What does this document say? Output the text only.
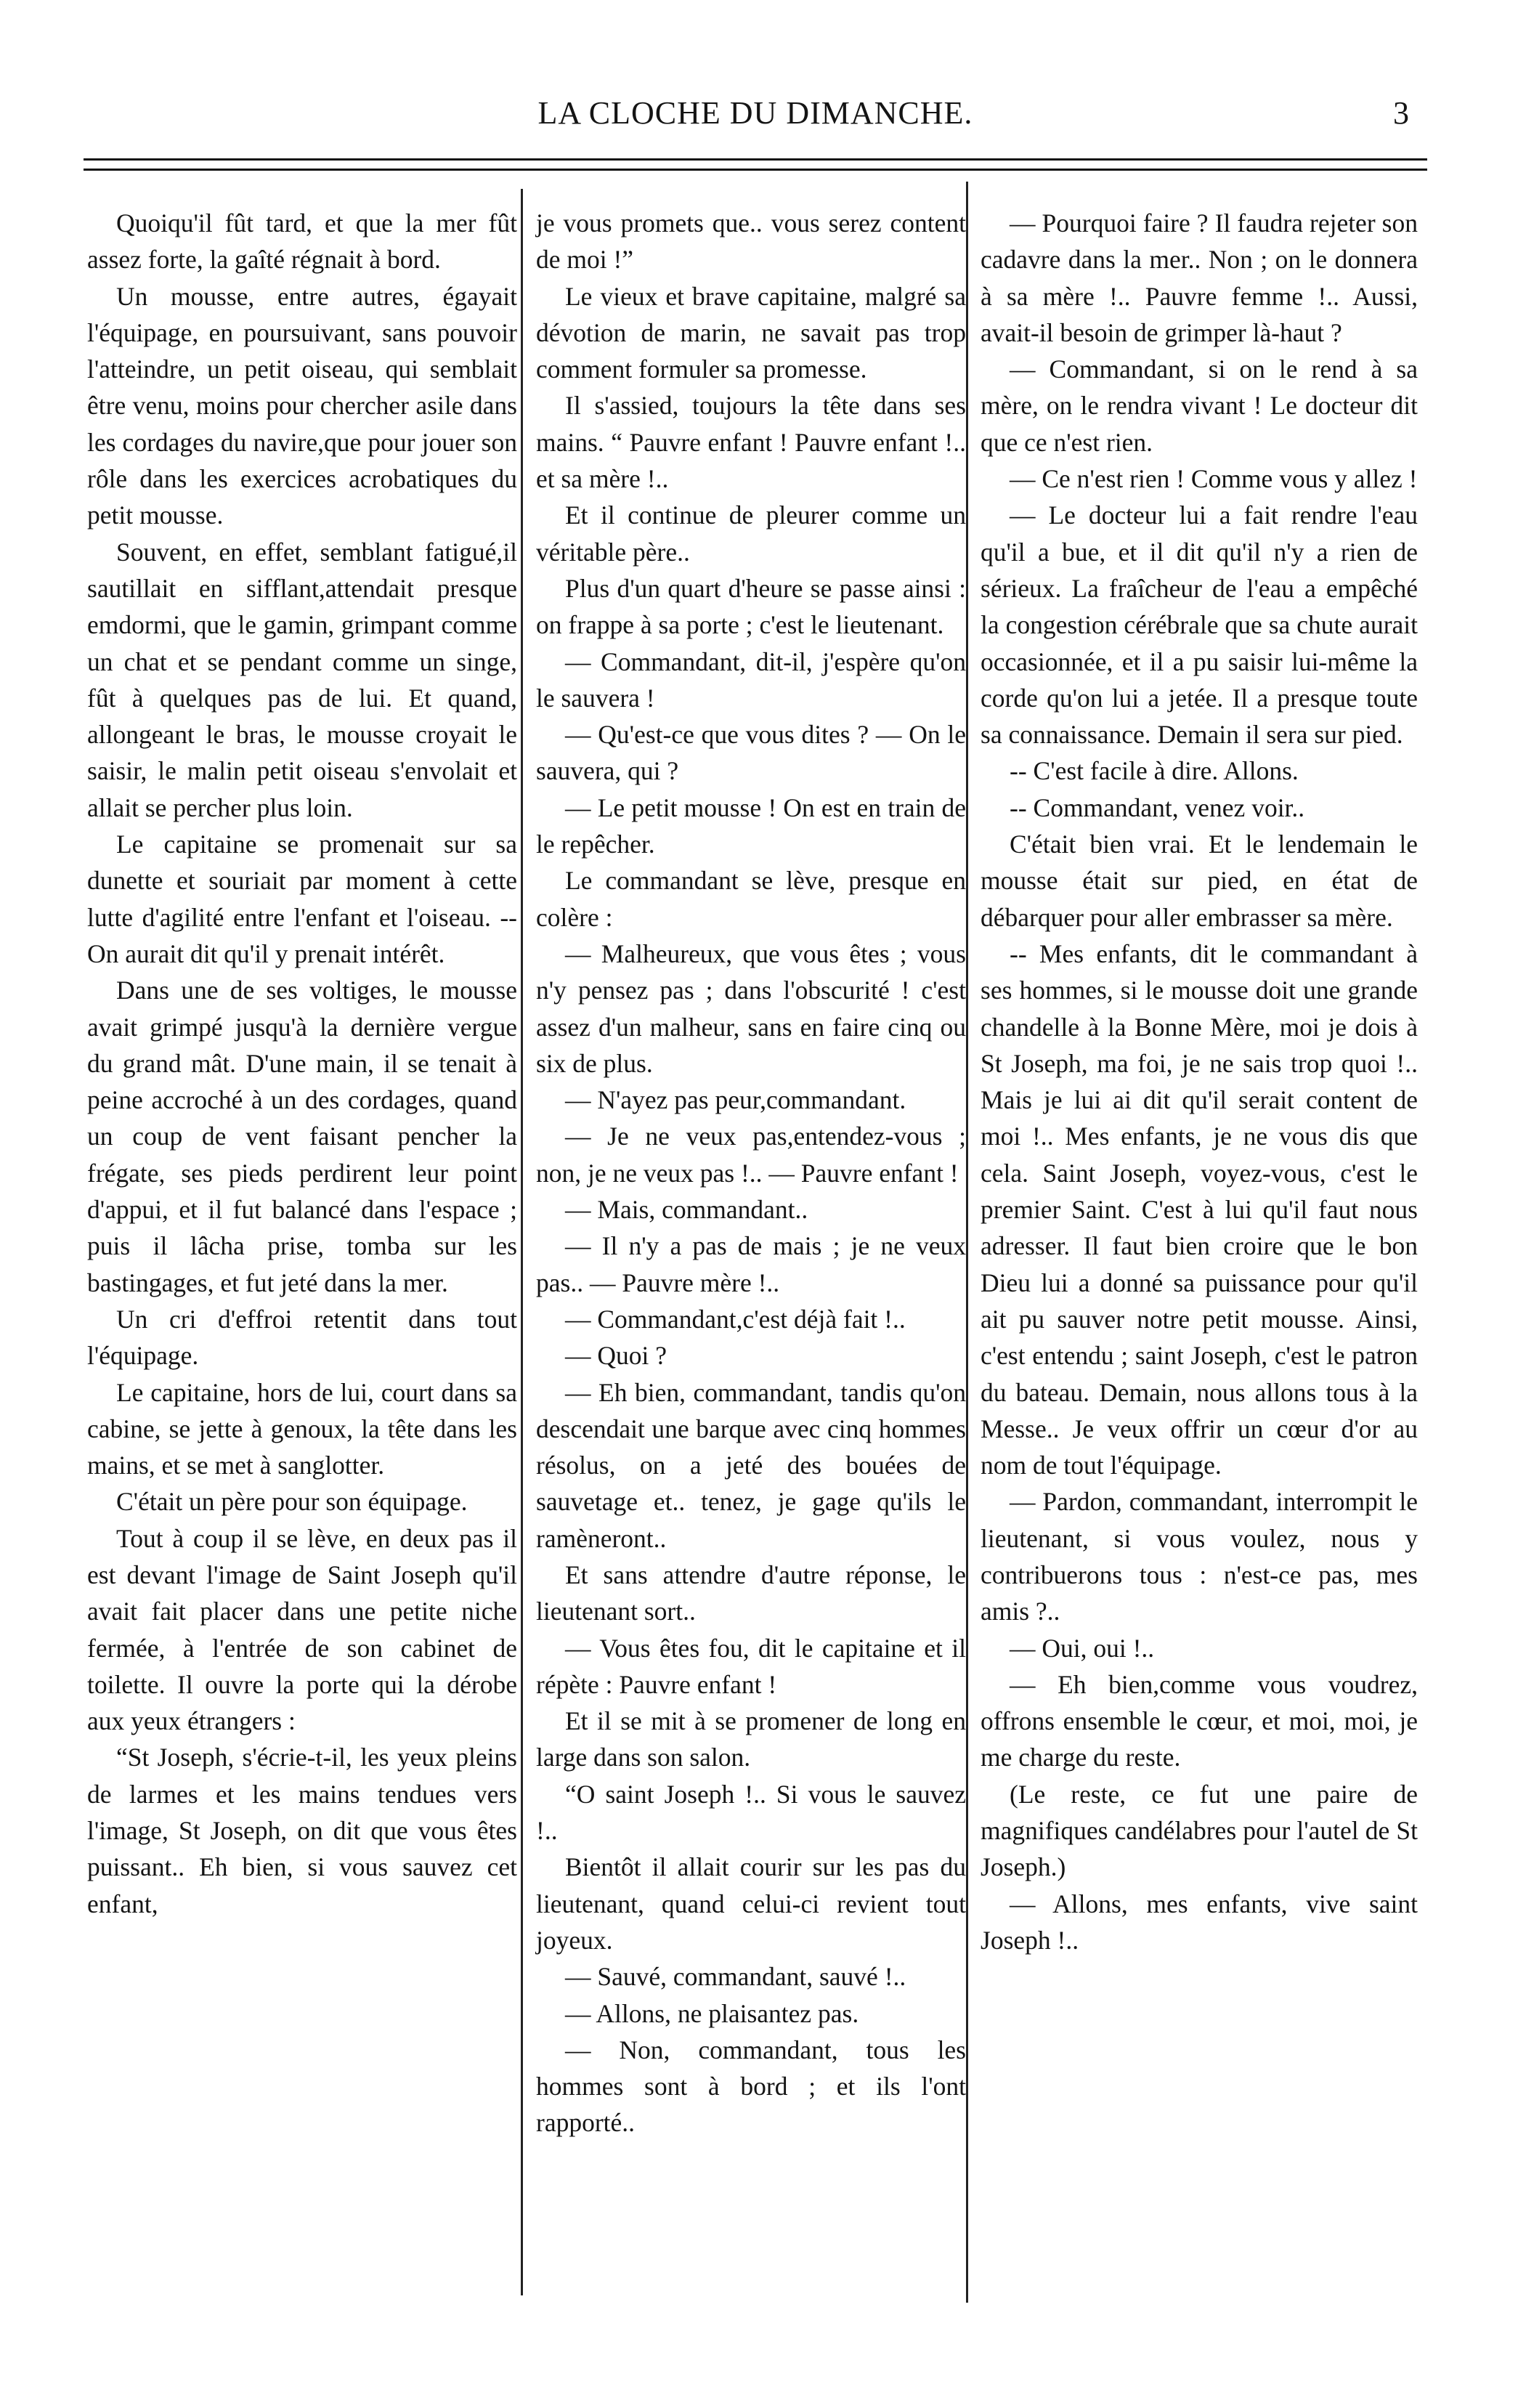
LA CLOCHE DU DIMANCHE.	3

Quoiqu'il fût tard, et que la mer fût assez forte, la gaîté régnait à bord.

Un mousse, entre autres, égayait l'équipage, en poursuivant, sans pouvoir l'atteindre, un petit oiseau, qui semblait être venu, moins pour chercher asile dans les cordages du navire,que pour jouer son rôle dans les exercices acrobatiques du petit mousse.

Souvent, en effet, semblant fatigué,il sautillait en sifflant,attendait presque emdormi, que le gamin, grimpant comme un chat et se pendant comme un singe, fût à quelques pas de lui. Et quand, allongeant le bras, le mousse croyait le saisir, le malin petit oiseau s'envolait et allait se percher plus loin.

Le capitaine se promenait sur sa dunette et souriait par moment à cette lutte d'agilité entre l'enfant et l'oiseau. -- On aurait dit qu'il y prenait intérêt.

Dans une de ses voltiges, le mousse avait grimpé jusqu'à la dernière vergue du grand mât. D'une main, il se tenait à peine accroché à un des cordages, quand un coup de vent faisant pencher la frégate, ses pieds perdirent leur point d'appui, et il fut balancé dans l'espace ; puis il lâcha prise, tomba sur les bastingages, et fut jeté dans la mer.

Un cri d'effroi retentit dans tout l'équipage.

Le capitaine, hors de lui, court dans sa cabine, se jette à genoux, la tête dans les mains, et se met à sanglotter.

C'était un père pour son équipage.

Tout à coup il se lève, en deux pas il est devant l'image de Saint Joseph qu'il avait fait placer dans une petite niche fermée, à l'entrée de son cabinet de toilette. Il ouvre la porte qui la dérobe aux yeux étrangers :

“St Joseph, s'écrie-t-il, les yeux pleins de larmes et les mains tendues vers l'image, St Joseph, on dit que vous êtes puissant.. Eh bien, si vous sauvez cet enfant,

je vous promets que.. vous serez content de moi !”

Le vieux et brave capitaine, malgré sa dévotion de marin, ne savait pas trop comment formuler sa promesse.

Il s'assied, toujours la tête dans ses mains. “ Pauvre enfant ! Pauvre enfant !.. et sa mère !..

Et il continue de pleurer comme un véritable père..

Plus d'un quart d'heure se passe ainsi : on frappe à sa porte ; c'est le lieutenant.

— Commandant, dit-il, j'espère qu'on le sauvera !

— Qu'est-ce que vous dites ? — On le sauvera, qui ?

— Le petit mousse ! On est en train de le repêcher.

Le commandant se lève, presque en colère :

— Malheureux, que vous êtes ; vous n'y pensez pas ; dans l'obscurité ! c'est assez d'un malheur, sans en faire cinq ou six de plus.

— N'ayez pas peur,commandant.

— Je ne veux pas,entendez-vous ; non, je ne veux pas !.. — Pauvre enfant !

— Mais, commandant..

— Il n'y a pas de mais ; je ne veux pas.. — Pauvre mère !..

— Commandant,c'est déjà fait !..

— Quoi ?

— Eh bien, commandant, tandis qu'on descendait une barque avec cinq hommes résolus, on a jeté des bouées de sauvetage et.. tenez, je gage qu'ils le ramèneront..

Et sans attendre d'autre réponse, le lieutenant sort..

— Vous êtes fou, dit le capitaine et il répète : Pauvre enfant !

Et il se mit à se promener de long en large dans son salon.

“O saint Joseph !.. Si vous le sauvez !..

Bientôt il allait courir sur les pas du lieutenant, quand celui-ci revient tout joyeux.

— Sauvé, commandant, sauvé !..

— Allons, ne plaisantez pas.

— Non, commandant, tous les hommes sont à bord ; et ils l'ont rapporté..

— Pourquoi faire ? Il faudra rejeter son cadavre dans la mer.. Non ; on le donnera à sa mère !.. Pauvre femme !.. Aussi, avait-il besoin de grimper là-haut ?

— Commandant, si on le rend à sa mère, on le rendra vivant ! Le docteur dit que ce n'est rien.

— Ce n'est rien ! Comme vous y allez !

— Le docteur lui a fait rendre l'eau qu'il a bue, et il dit qu'il n'y a rien de sérieux. La fraîcheur de l'eau a empêché la congestion cérébrale que sa chute aurait occasionnée, et il a pu saisir lui-même la corde qu'on lui a jetée. Il a presque toute sa connaissance. Demain il sera sur pied.

-- C'est facile à dire. Allons.

-- Commandant, venez voir..

C'était bien vrai. Et le lendemain le mousse était sur pied, en état de débarquer pour aller embrasser sa mère.

-- Mes enfants, dit le commandant à ses hommes, si le mousse doit une grande chandelle à la Bonne Mère, moi je dois à St Joseph, ma foi, je ne sais trop quoi !.. Mais je lui ai dit qu'il serait content de moi !.. Mes enfants, je ne vous dis que cela. Saint Joseph, voyez-vous, c'est le premier Saint. C'est à lui qu'il faut nous adresser. Il faut bien croire que le bon Dieu lui a donné sa puissance pour qu'il ait pu sauver notre petit mousse. Ainsi, c'est entendu ; saint Joseph, c'est le patron du bateau. Demain, nous allons tous à la Messe.. Je veux offrir un cœur d'or au nom de tout l'équipage.

— Pardon, commandant, interrompit le lieutenant, si vous voulez, nous y contribuerons tous : n'est-ce pas, mes amis ?..

— Oui, oui !..

— Eh bien,comme vous voudrez, offrons ensemble le cœur, et moi, moi, je me charge du reste.

(Le reste, ce fut une paire de magnifiques candélabres pour l'autel de St Joseph.)

— Allons, mes enfants, vive saint Joseph !..
